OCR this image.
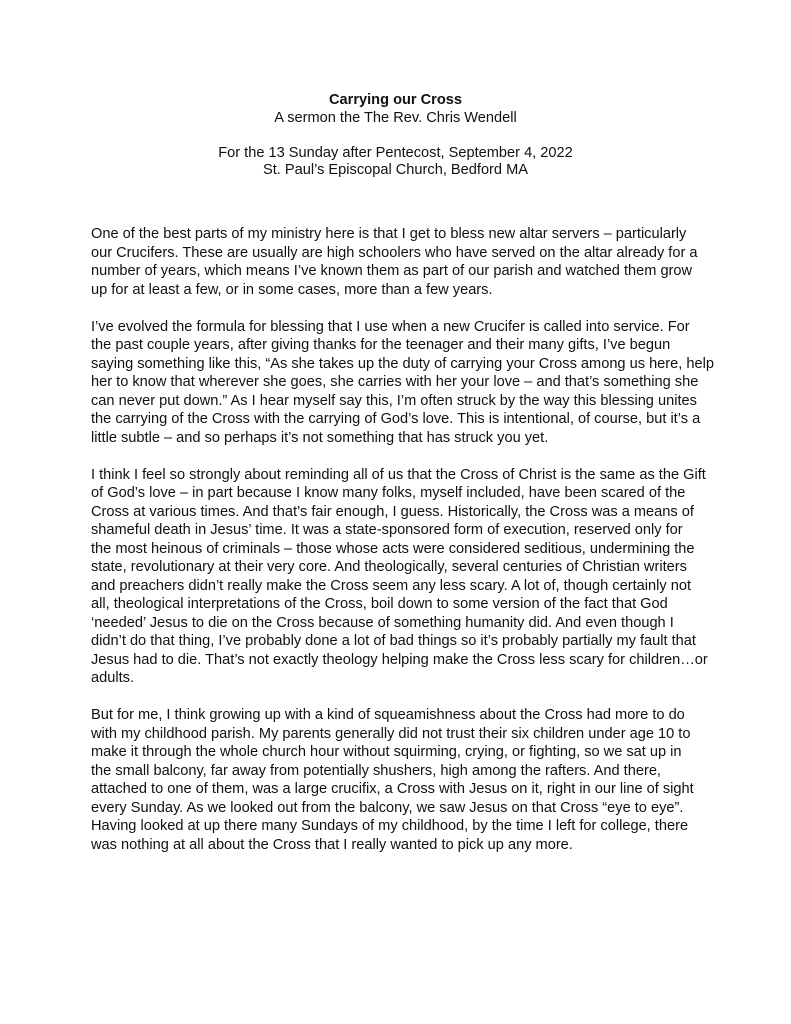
Carrying our Cross
A sermon the The Rev. Chris Wendell
For the 13 Sunday after Pentecost, September 4, 2022
St. Paul’s Episcopal Church, Bedford MA
One of the best parts of my ministry here is that I get to bless new altar servers – particularly
our Crucifers. These are usually are high schoolers who have served on the altar already for a
number of years, which means I’ve known them as part of our parish and watched them grow
up for at least a few, or in some cases, more than a few years.
I’ve evolved the formula for blessing that I use when a new Crucifer is called into service. For
the past couple years, after giving thanks for the teenager and their many gifts, I’ve begun
saying something like this, “As she takes up the duty of carrying your Cross among us here, help
her to know that wherever she goes, she carries with her your love – and that’s something she
can never put down.” As I hear myself say this, I’m often struck by the way this blessing unites
the carrying of the Cross with the carrying of God’s love. This is intentional, of course, but it’s a
little subtle – and so perhaps it’s not something that has struck you yet.
I think I feel so strongly about reminding all of us that the Cross of Christ is the same as the Gift
of God’s love – in part because I know many folks, myself included, have been scared of the
Cross at various times. And that’s fair enough, I guess. Historically, the Cross was a means of
shameful death in Jesus’ time. It was a state-sponsored form of execution, reserved only for
the most heinous of criminals – those whose acts were considered seditious, undermining the
state, revolutionary at their very core. And theologically, several centuries of Christian writers
and preachers didn’t really make the Cross seem any less scary. A lot of, though certainly not
all, theological interpretations of the Cross, boil down to some version of the fact that God
‘needed’ Jesus to die on the Cross because of something humanity did. And even though I
didn’t do that thing, I’ve probably done a lot of bad things so it’s probably partially my fault that
Jesus had to die. That’s not exactly theology helping make the Cross less scary for children…or
adults.
But for me, I think growing up with a kind of squeamishness about the Cross had more to do
with my childhood parish. My parents generally did not trust their six children under age 10 to
make it through the whole church hour without squirming, crying, or fighting, so we sat up in
the small balcony, far away from potentially shushers, high among the rafters. And there,
attached to one of them, was a large crucifix, a Cross with Jesus on it, right in our line of sight
every Sunday. As we looked out from the balcony, we saw Jesus on that Cross “eye to eye”.
Having looked at up there many Sundays of my childhood, by the time I left for college, there
was nothing at all about the Cross that I really wanted to pick up any more.
